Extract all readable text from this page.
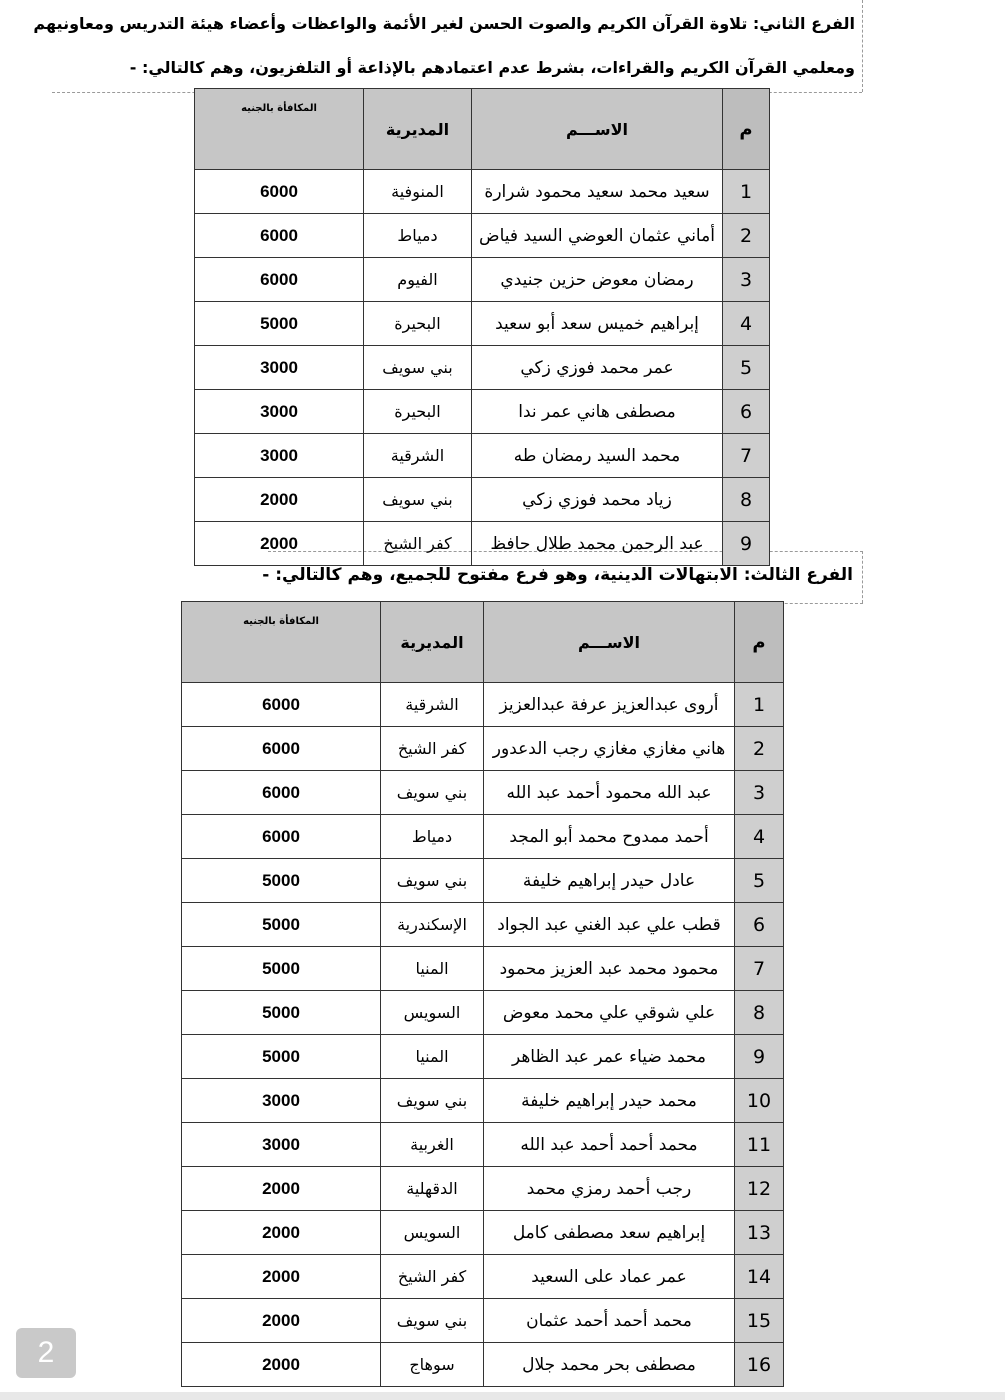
الفرع الثاني: تلاوة القرآن الكريم والصوت الحسن لغير الأئمة والواعظات وأعضاء هيئة التدريس ومعاونيهم
ومعلمي القرآن الكريم والقراءات، بشرط عدم اعتمادهم بالإذاعة أو التلفزيون، وهم كالتالي: -
م	الاســـم	المديرية	المكافأة بالجنيه
1	سعيد محمد سعيد محمود شرارة	المنوفية	6000
2	أماني عثمان العوضي السيد فياض	دمياط	6000
3	رمضان معوض حزين جنيدي	الفيوم	6000
4	إبراهيم خميس سعد أبو سعيد	البحيرة	5000
5	عمر محمد فوزي زكي	بني سويف	3000
6	مصطفى هاني عمر ندا	البحيرة	3000
7	محمد السيد رمضان طه	الشرقية	3000
8	زياد محمد فوزي زكي	بني سويف	2000
9	عبد الرحمن محمد طلال حافظ	كفر الشيخ	2000
الفرع الثالث: الابتهالات الدينية، وهو فرع مفتوح للجميع، وهم كالتالي: -
م	الاســـم	المديرية	المكافأة بالجنيه
1	أروى عبدالعزيز عرفة عبدالعزيز	الشرقية	6000
2	هاني مغازي مغازي رجب الدعدور	كفر الشيخ	6000
3	عبد الله محمود أحمد عبد الله	بني سويف	6000
4	أحمد ممدوح محمد أبو المجد	دمياط	6000
5	عادل حيدر إبراهيم خليفة	بني سويف	5000
6	قطب علي عبد الغني عبد الجواد	الإسكندرية	5000
7	محمود محمد عبد العزيز محمود	المنيا	5000
8	علي شوقي علي محمد معوض	السويس	5000
9	محمد ضياء عمر عبد الظاهر	المنيا	5000
10	محمد حيدر إبراهيم خليفة	بني سويف	3000
11	محمد أحمد أحمد عبد الله	الغربية	3000
12	رجب أحمد رمزي محمد	الدقهلية	2000
13	إبراهيم سعد مصطفى كامل	السويس	2000
14	عمر عماد على السعيد	كفر الشيخ	2000
15	محمد أحمد أحمد عثمان	بني سويف	2000
16	مصطفى بحر محمد جلال	سوهاج	2000
2
